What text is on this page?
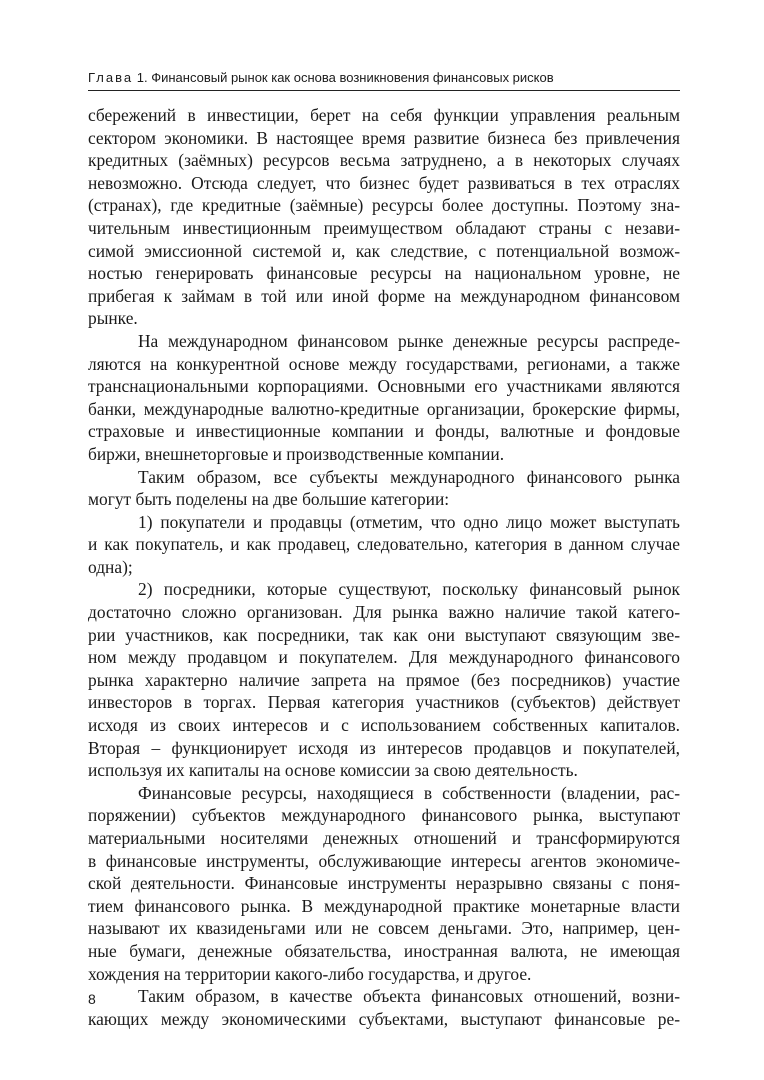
Глава 1. Финансовый рынок как основа возникновения финансовых рисков
сбережений в инвестиции, берет на себя функции управления реальным
сектором экономики. В настоящее время развитие бизнеса без привлечения
кредитных (заёмных) ресурсов весьма затруднено, а в некоторых случаях
невозможно. Отсюда следует, что бизнес будет развиваться в тех отраслях
(странах), где кредитные (заёмные) ресурсы более доступны. Поэтому зна-
чительным инвестиционным преимуществом обладают страны с незави-
симой эмиссионной системой и, как следствие, с потенциальной возмож-
ностью генерировать финансовые ресурсы на национальном уровне, не
прибегая к займам в той или иной форме на международном финансовом
рынке.
На международном финансовом рынке денежные ресурсы распреде-
ляются на конкурентной основе между государствами, регионами, а также
транснациональными корпорациями. Основными его участниками являются
банки, международные валютно-кредитные организации, брокерские фирмы,
страховые и инвестиционные компании и фонды, валютные и фондовые
биржи, внешнеторговые и производственные компании.
Таким образом, все субъекты международного финансового рынка
могут быть поделены на две большие категории:
1) покупатели и продавцы (отметим, что одно лицо может выступать
и как покупатель, и как продавец, следовательно, категория в данном случае
одна);
2) посредники, которые существуют, поскольку финансовый рынок
достаточно сложно организован. Для рынка важно наличие такой катего-
рии участников, как посредники, так как они выступают связующим зве-
ном между продавцом и покупателем. Для международного финансового
рынка характерно наличие запрета на прямое (без посредников) участие
инвесторов в торгах. Первая категория участников (субъектов) действует
исходя из своих интересов и с использованием собственных капиталов.
Вторая – функционирует исходя из интересов продавцов и покупателей,
используя их капиталы на основе комиссии за свою деятельность.
Финансовые ресурсы, находящиеся в собственности (владении, рас-
поряжении) субъектов международного финансового рынка, выступают
материальными носителями денежных отношений и трансформируются
в финансовые инструменты, обслуживающие интересы агентов экономиче-
ской деятельности. Финансовые инструменты неразрывно связаны с поня-
тием финансового рынка. В международной практике монетарные власти
называют их квазиденьгами или не совсем деньгами. Это, например, цен-
ные бумаги, денежные обязательства, иностранная валюта, не имеющая
хождения на территории какого-либо государства, и другое.
Таким образом, в качестве объекта финансовых отношений, возни-
кающих между экономическими субъектами, выступают финансовые ре-
8
